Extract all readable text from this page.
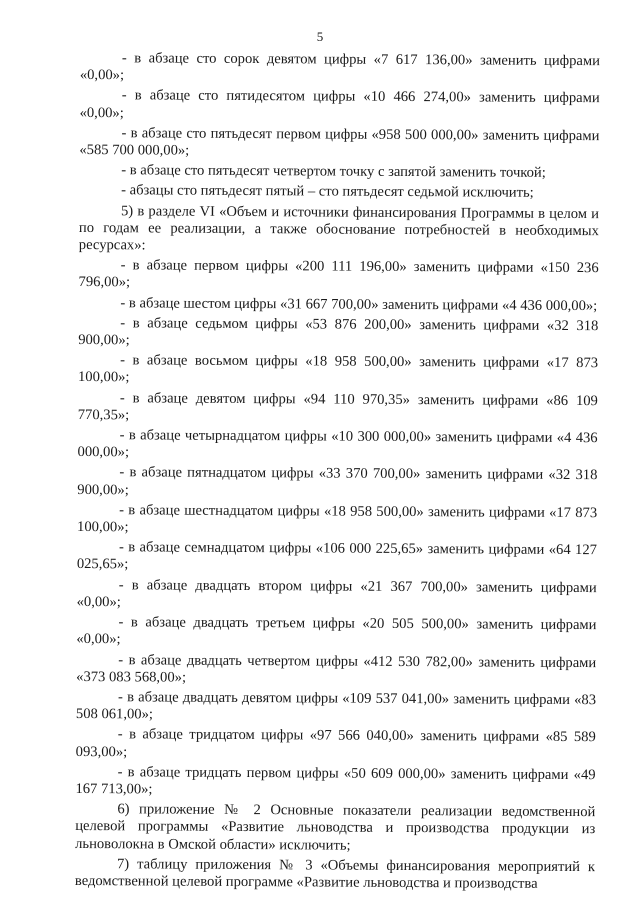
5

- в абзаце сто сорок девятом цифры «7 617 136,00» заменить цифрами «0,00»;

- в абзаце сто пятидесятом цифры «10 466 274,00» заменить цифрами «0,00»;

- в абзаце сто пятьдесят первом цифры «958 500 000,00» заменить цифрами «585 700 000,00»;

- в абзаце сто пятьдесят четвертом точку с запятой заменить точкой;

- абзацы сто пятьдесят пятый – сто пятьдесят седьмой исключить;

5) в разделе VI «Объем и источники финансирования Программы в целом и по годам ее реализации, а также обоснование потребностей в необходимых ресурсах»:

- в абзаце первом цифры «200 111 196,00» заменить цифрами «150 236 796,00»;

- в абзаце шестом цифры «31 667 700,00» заменить цифрами «4 436 000,00»;

- в абзаце седьмом цифры «53 876 200,00» заменить цифрами «32 318 900,00»;

- в абзаце восьмом цифры «18 958 500,00» заменить цифрами «17 873 100,00»;

- в абзаце девятом цифры «94 110 970,35» заменить цифрами «86 109 770,35»;

- в абзаце четырнадцатом цифры «10 300 000,00» заменить цифрами «4 436 000,00»;

- в абзаце пятнадцатом цифры «33 370 700,00» заменить цифрами «32 318 900,00»;

- в абзаце шестнадцатом цифры «18 958 500,00» заменить цифрами «17 873 100,00»;

- в абзаце семнадцатом цифры «106 000 225,65» заменить цифрами «64 127 025,65»;

- в абзаце двадцать втором цифры «21 367 700,00» заменить цифрами «0,00»;

- в абзаце двадцать третьем цифры «20 505 500,00» заменить цифрами «0,00»;

- в абзаце двадцать четвертом цифры «412 530 782,00» заменить цифрами «373 083 568,00»;

- в абзаце двадцать девятом цифры «109 537 041,00» заменить цифрами «83 508 061,00»;

- в абзаце тридцатом цифры «97 566 040,00» заменить цифрами «85 589 093,00»;

- в абзаце тридцать первом цифры «50 609 000,00» заменить цифрами «49 167 713,00»;

6) приложение № 2 Основные показатели реализации ведомственной целевой программы «Развитие льноводства и производства продукции из льноволокна в Омской области» исключить;

7) таблицу приложения № 3 «Объемы финансирования мероприятий к ведомственной целевой программе «Развитие льноводства и производства
